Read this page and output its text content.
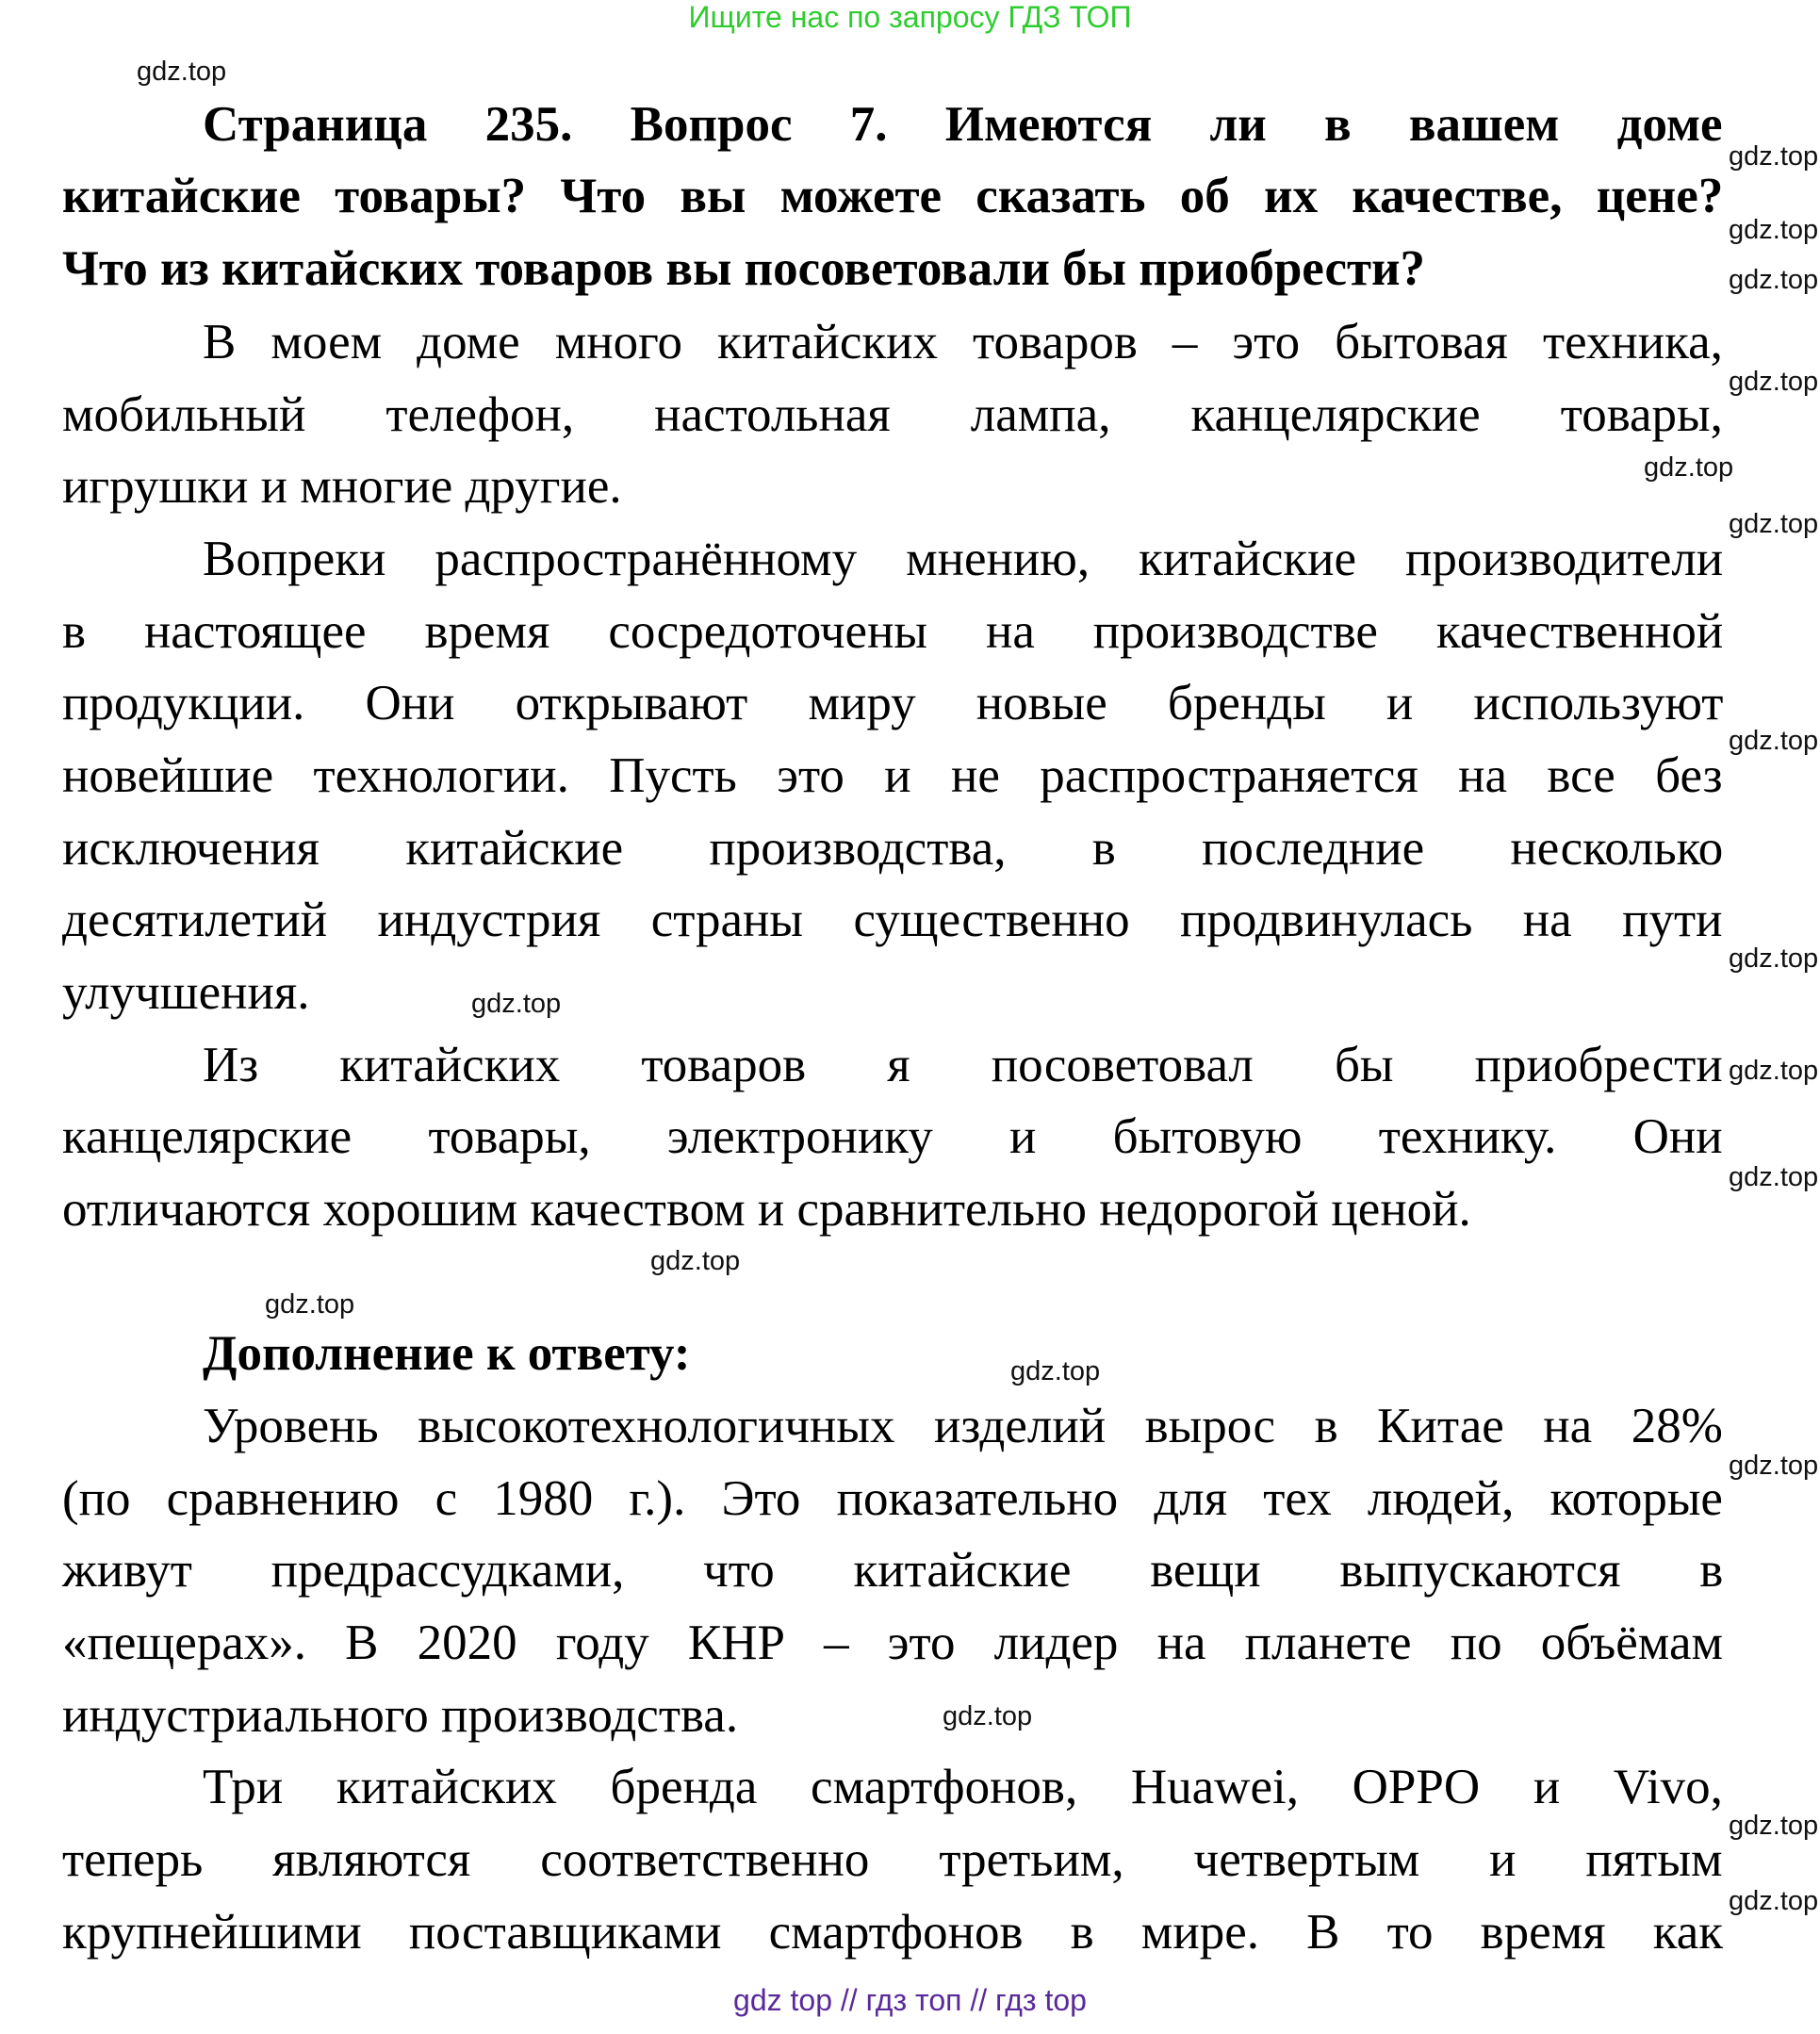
Ищите нас по запросу ГДЗ ТОП
Страница 235. Вопрос 7. Имеются ли в вашем доме
китайские товары? Что вы можете сказать об их качестве, цене?
Что из китайских товаров вы посоветовали бы приобрести?
В моем доме много китайских товаров – это бытовая техника,
мобильный телефон, настольная лампа, канцелярские товары,
игрушки и многие другие.
Вопреки распространённому мнению, китайские производители
в настоящее время сосредоточены на производстве качественной
продукции. Они открывают миру новые бренды и используют
новейшие технологии. Пусть это и не распространяется на все без
исключения китайские производства, в последние несколько
десятилетий индустрия страны существенно продвинулась на пути
улучшения.
Из китайских товаров я посоветовал бы приобрести
канцелярские товары, электронику и бытовую технику. Они
отличаются хорошим качеством и сравнительно недорогой ценой.
Дополнение к ответу:
Уровень высокотехнологичных изделий вырос в Китае на 28%
(по сравнению с 1980 г.). Это показательно для тех людей, которые
живут предрассудками, что китайские вещи выпускаются в
«пещерах». В 2020 году КНР – это лидер на планете по объёмам
индустриального производства.
Три китайских бренда смартфонов, Huawei, OPPO и Vivo,
теперь являются соответственно третьим, четвертым и пятым
крупнейшими поставщиками смартфонов в мире. В то время как
gdz.top
gdz.top
gdz.top
gdz.top
gdz.top
gdz.top
gdz.top
gdz.top
gdz.top
gdz.top
gdz.top
gdz.top
gdz.top
gdz.top
gdz.top
gdz.top
gdz.top
gdz.top
gdz.top
gdz top // гдз топ // гдз top
